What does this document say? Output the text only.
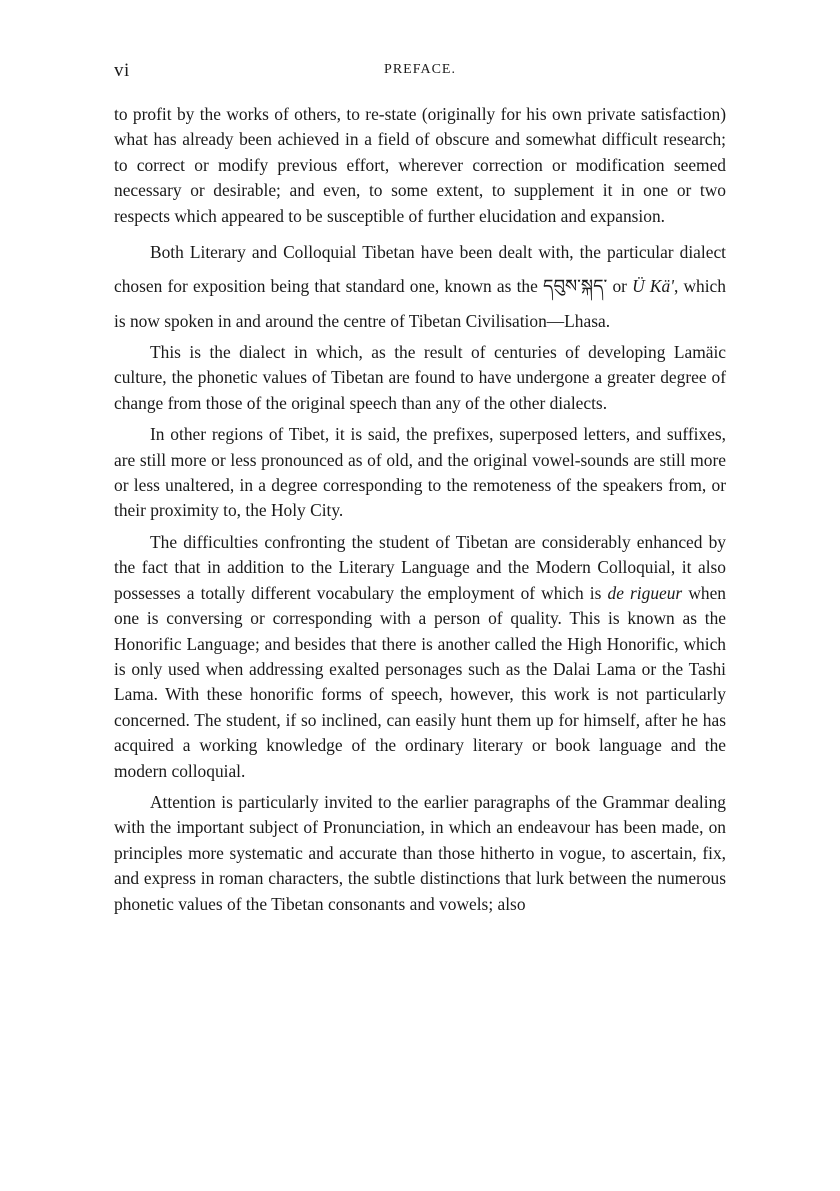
vi	PREFACE.

to profit by the works of others, to re-state (originally for his own private satisfaction) what has already been achieved in a field of obscure and somewhat difficult research; to correct or modify previous effort, wherever correction or modification seemed necessary or desirable; and even, to some extent, to supplement it in one or two respects which appeared to be susceptible of further elucidation and expansion.

Both Literary and Colloquial Tibetan have been dealt with, the particular dialect chosen for exposition being that standard one, known as the དབུས་སྐད་ or Ü Kä', which is now spoken in and around the centre of Tibetan Civilisation—Lhasa.

This is the dialect in which, as the result of centuries of developing Lamäic culture, the phonetic values of Tibetan are found to have undergone a greater degree of change from those of the original speech than any of the other dialects.

In other regions of Tibet, it is said, the prefixes, superposed letters, and suffixes, are still more or less pronounced as of old, and the original vowel-sounds are still more or less unaltered, in a degree corresponding to the remoteness of the speakers from, or their proximity to, the Holy City.

The difficulties confronting the student of Tibetan are considerably enhanced by the fact that in addition to the Literary Language and the Modern Colloquial, it also possesses a totally different vocabulary the employment of which is de rigueur when one is conversing or corresponding with a person of quality. This is known as the Honorific Language; and besides that there is another called the High Honorific, which is only used when addressing exalted personages such as the Dalai Lama or the Tashi Lama. With these honorific forms of speech, however, this work is not particularly concerned. The student, if so inclined, can easily hunt them up for himself, after he has acquired a working knowledge of the ordinary literary or book language and the modern colloquial.

Attention is particularly invited to the earlier paragraphs of the Grammar dealing with the important subject of Pronunciation, in which an endeavour has been made, on principles more systematic and accurate than those hitherto in vogue, to ascertain, fix, and express in roman characters, the subtle distinctions that lurk between the numerous phonetic values of the Tibetan consonants and vowels; also
